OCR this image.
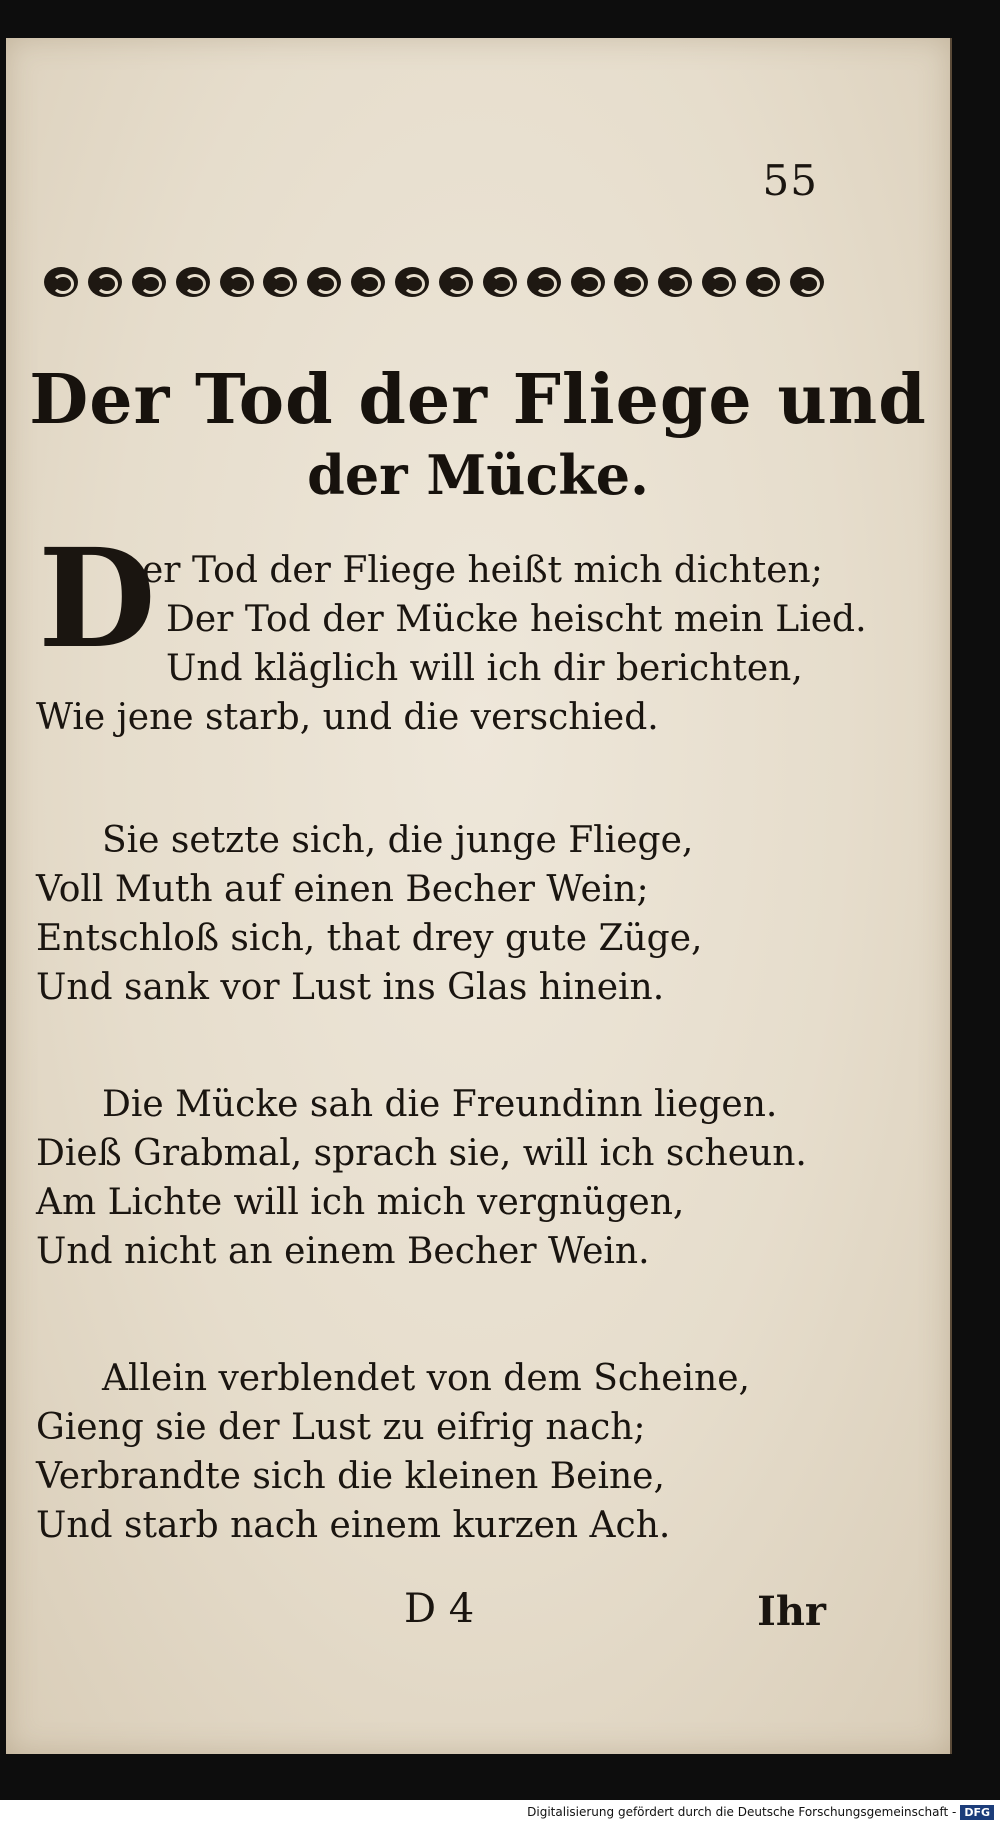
55
Der Tod der Fliege und
der Mücke.
D

er Tod der Fliege heißt mich dichten;

Der Tod der Mücke heischt mein Lied.

Und kläglich will ich dir berichten,

Wie jene starb, und die verschied.

Sie setzte sich, die junge Fliege,

Voll Muth auf einen Becher Wein;

Entschloß sich, that drey gute Züge,

Und sank vor Lust ins Glas hinein.

Die Mücke sah die Freundinn liegen.

Dieß Grabmal, sprach sie, will ich scheun.

Am Lichte will ich mich vergnügen,

Und nicht an einem Becher Wein.

Allein verblendet von dem Scheine,

Gieng sie der Lust zu eifrig nach;

Verbrandte sich die kleinen Beine,

Und starb nach einem kurzen Ach.

D 4	Ihr
Digitalisierung gefördert durch die Deutsche Forschungsgemeinschaft - DFG
